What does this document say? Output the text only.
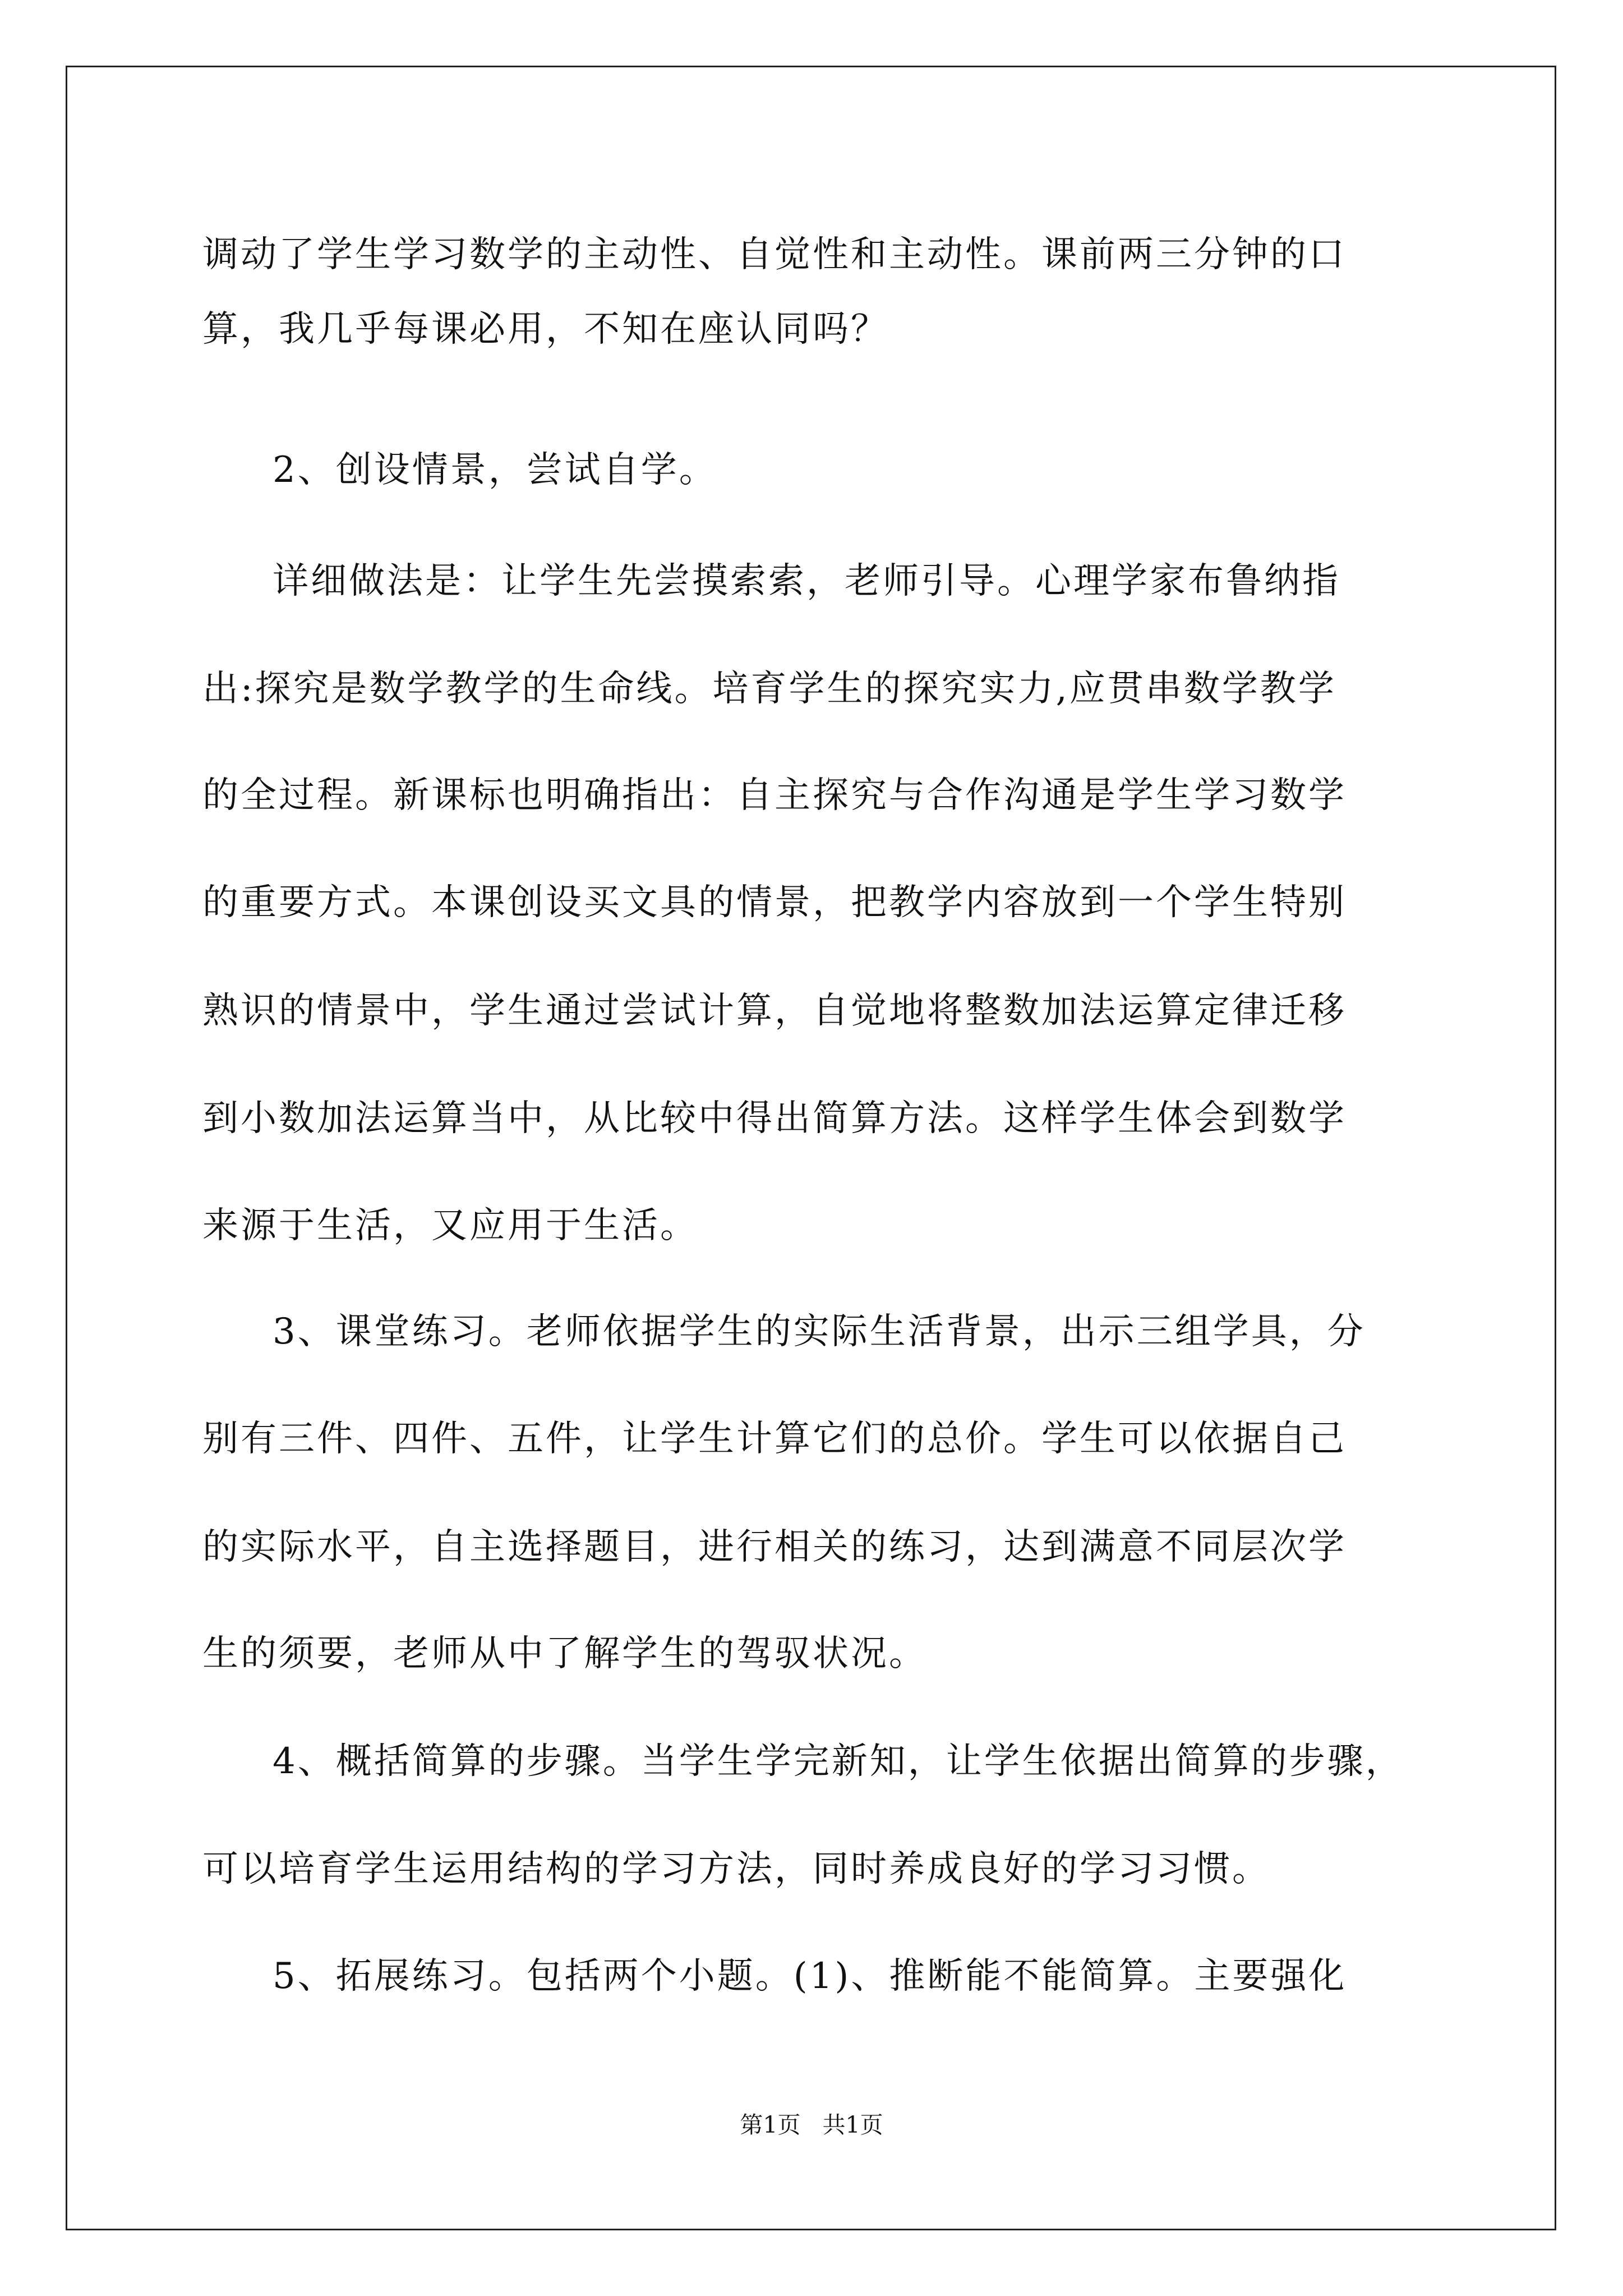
调动了学生学习数学的主动性、自觉性和主动性。课前两三分钟的口
算，我几乎每课必用，不知在座认同吗？
2、创设情景，尝试自学。
详细做法是：让学生先尝摸索索，老师引导。心理学家布鲁纳指
出:探究是数学教学的生命线。培育学生的探究实力,应贯串数学教学
的全过程。新课标也明确指出：自主探究与合作沟通是学生学习数学
的重要方式。本课创设买文具的情景，把教学内容放到一个学生特别
熟识的情景中，学生通过尝试计算，自觉地将整数加法运算定律迁移
到小数加法运算当中，从比较中得出简算方法。这样学生体会到数学
来源于生活，又应用于生活。
3、课堂练习。老师依据学生的实际生活背景，出示三组学具，分
别有三件、四件、五件，让学生计算它们的总价。学生可以依据自己
的实际水平，自主选择题目，进行相关的练习，达到满意不同层次学
生的须要，老师从中了解学生的驾驭状况。
4、概括简算的步骤。当学生学完新知，让学生依据出简算的步骤，
可以培育学生运用结构的学习方法，同时养成良好的学习习惯。
5、拓展练习。包括两个小题。(1)、推断能不能简算。主要强化
第1页   共1页
